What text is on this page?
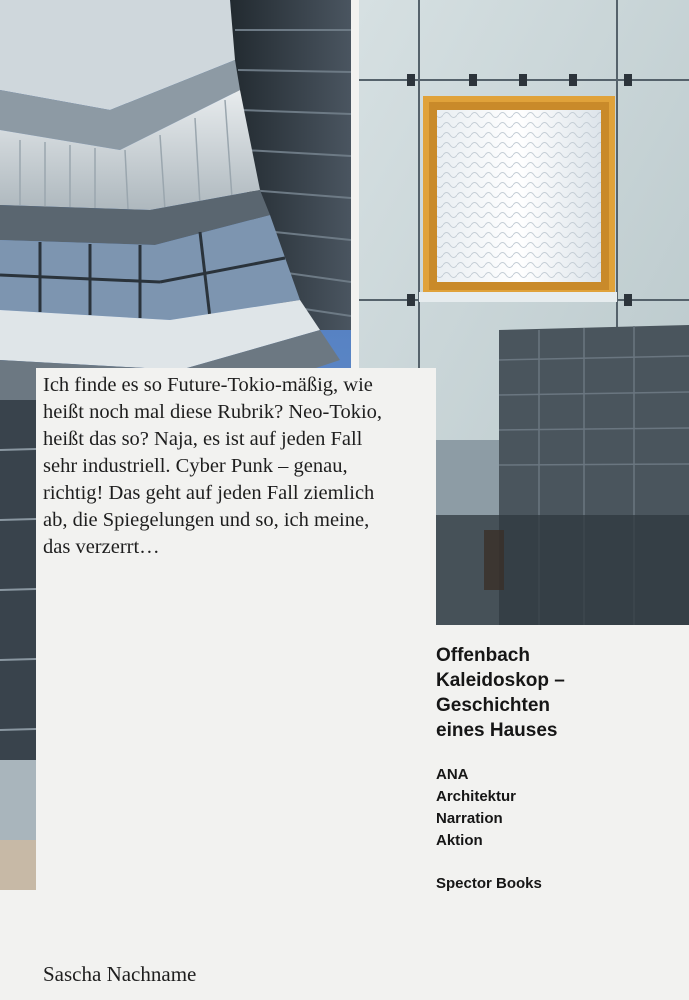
Ich finde es so Future-Tokio-mäßig, wie
heißt noch mal diese Rubrik? Neo-Tokio,
heißt das so? Naja, es ist auf jeden Fall
sehr industriell. Cyber Punk – genau,
richtig! Das geht auf jeden Fall ziemlich
ab, die Spiegelungen und so, ich meine,
das verzerrt…

Offenbach
Kaleidoskop –
Geschichten
eines Hauses
ANA
Architektur
Narration
Aktion
Spector Books
Sascha Nachname
